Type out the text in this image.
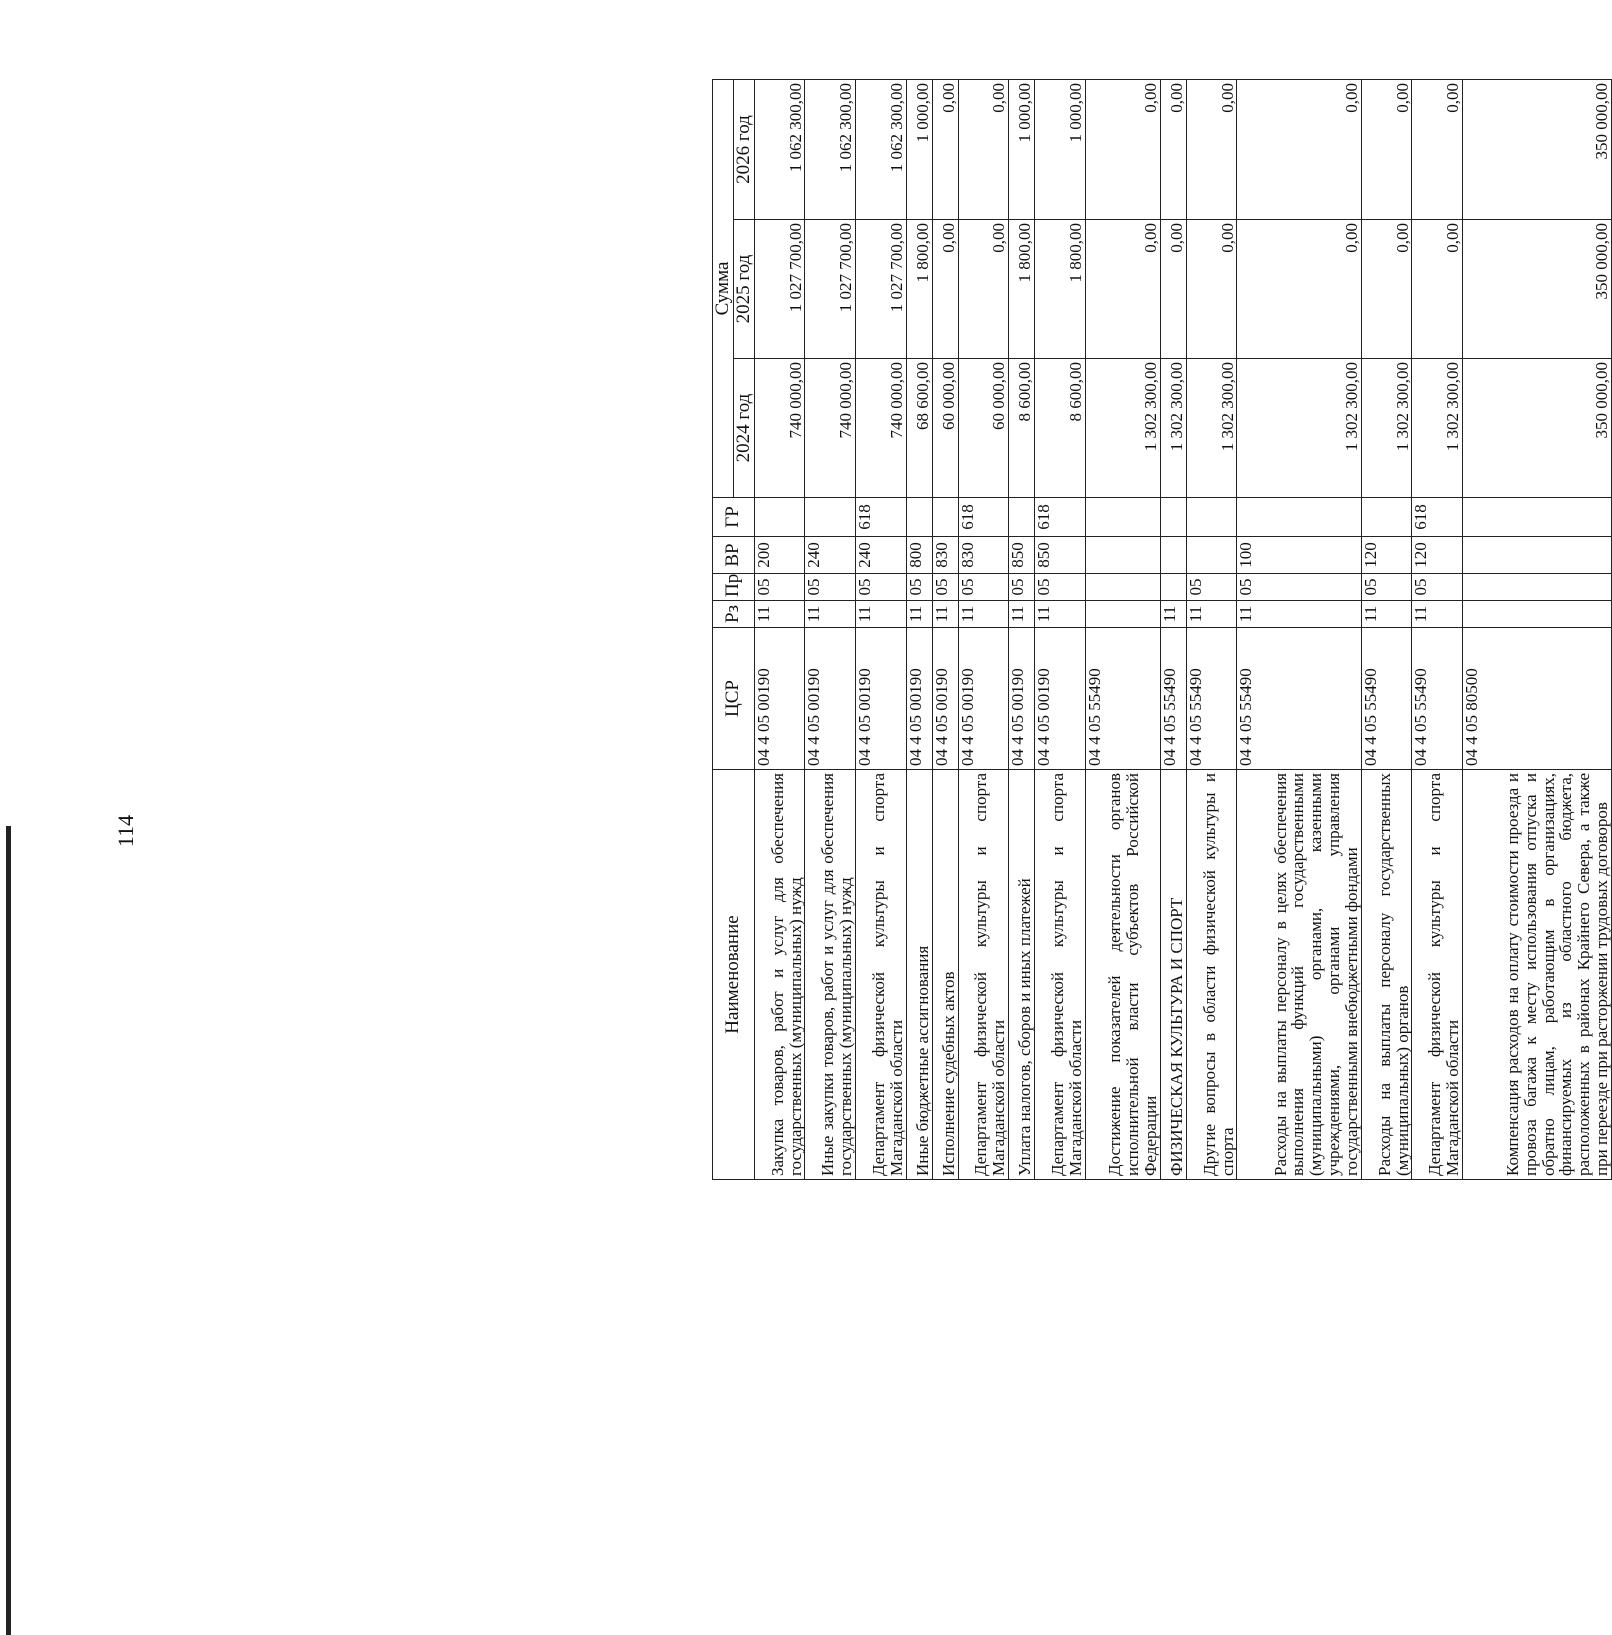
114
Наименование	ЦСР	Рз	Пр	ВР	ГР	Сумма		
						2024 год	2025 год	2026 год
Закупка товаров, работ и услуг для обеспечения государственных (муниципальных) нужд	04 4 05 00190	11	05	200		740 000,00	1 027 700,00	1 062 300,00
Иные закупки товаров, работ и услуг для обеспечения государственных (муниципальных) нужд	04 4 05 00190	11	05	240		740 000,00	1 027 700,00	1 062 300,00
Департамент физической культуры и спорта Магаданской области	04 4 05 00190	11	05	240	618	740 000,00	1 027 700,00	1 062 300,00
Иные бюджетные ассигнования	04 4 05 00190	11	05	800		68 600,00	1 800,00	1 000,00
Исполнение судебных актов	04 4 05 00190	11	05	830		60 000,00	0,00	0,00
Департамент физической культуры и спорта Магаданской области	04 4 05 00190	11	05	830	618	60 000,00	0,00	0,00
Уплата налогов, сборов и иных платежей	04 4 05 00190	11	05	850		8 600,00	1 800,00	1 000,00
Департамент физической культуры и спорта Магаданской области	04 4 05 00190	11	05	850	618	8 600,00	1 800,00	1 000,00
Достижение показателей деятельности органов исполнительной власти субъектов Российской Федерации	04 4 05 55490					1 302 300,00	0,00	0,00
ФИЗИЧЕСКАЯ КУЛЬТУРА И СПОРТ	04 4 05 55490	11				1 302 300,00	0,00	0,00
Другие вопросы в области физической культуры и спорта	04 4 05 55490	11	05			1 302 300,00	0,00	0,00
Расходы на выплаты персоналу в целях обеспечения выполнения функций государственными (муниципальными) органами, казенными учреждениями, органами управления государственными внебюджетными фондами	04 4 05 55490	11	05	100		1 302 300,00	0,00	0,00
Расходы на выплаты персоналу государственных (муниципальных) органов	04 4 05 55490	11	05	120		1 302 300,00	0,00	0,00
Департамент физической культуры и спорта Магаданской области	04 4 05 55490	11	05	120	618	1 302 300,00	0,00	0,00
Компенсация расходов на оплату стоимости проезда и провоза багажа к месту использования отпуска и обратно лицам, работающим в организациях, финансируемых из областного бюджета, расположенных в районах Крайнего Севера, а также при переезде при расторжении трудовых договоров	04 4 05 80500					350 000,00	350 000,00	350 000,00
